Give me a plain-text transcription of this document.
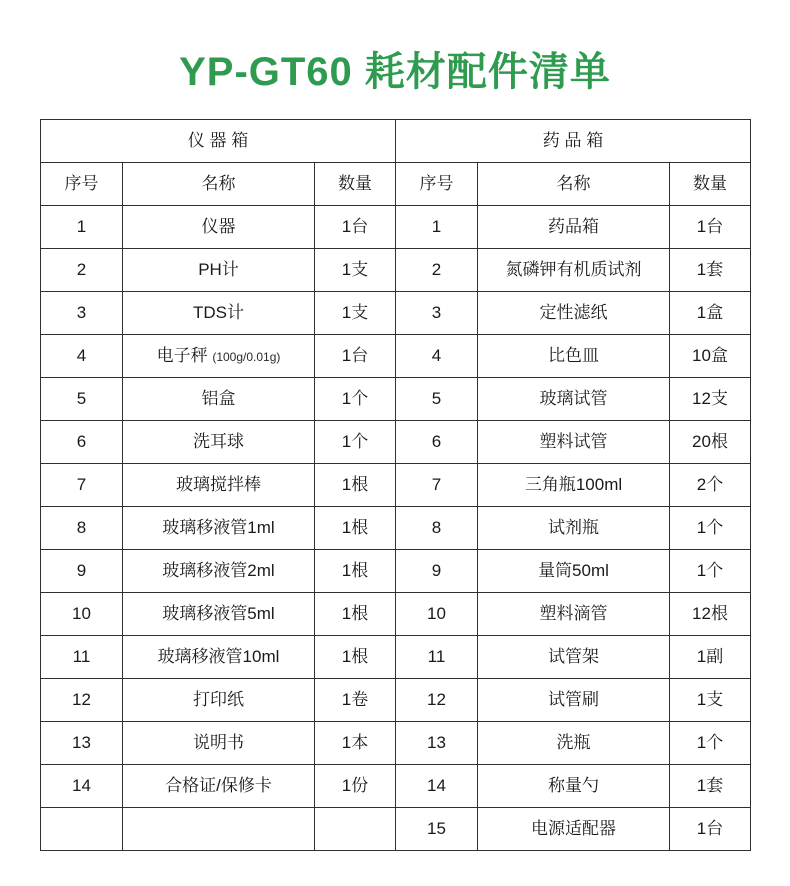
YP-GT60 耗材配件清单
仪 器 箱			药 品 箱		
序号	名称	数量	序号	名称	数量
1	仪器	1台	1	药品箱	1台
2	PH计	1支	2	氮磷钾有机质试剂	1套
3	TDS计	1支	3	定性滤纸	1盒
4	电子秤 (100g/0.01g)	1台	4	比色皿	10盒
5	铝盒	1个	5	玻璃试管	12支
6	洗耳球	1个	6	塑料试管	20根
7	玻璃搅拌棒	1根	7	三角瓶100ml	2个
8	玻璃移液管1ml	1根	8	试剂瓶	1个
9	玻璃移液管2ml	1根	9	量筒50ml	1个
10	玻璃移液管5ml	1根	10	塑料滴管	12根
11	玻璃移液管10ml	1根	11	试管架	1副
12	打印纸	1卷	12	试管刷	1支
13	说明书	1本	13	洗瓶	1个
14	合格证/保修卡	1份	14	称量勺	1套
			15	电源适配器	1台
